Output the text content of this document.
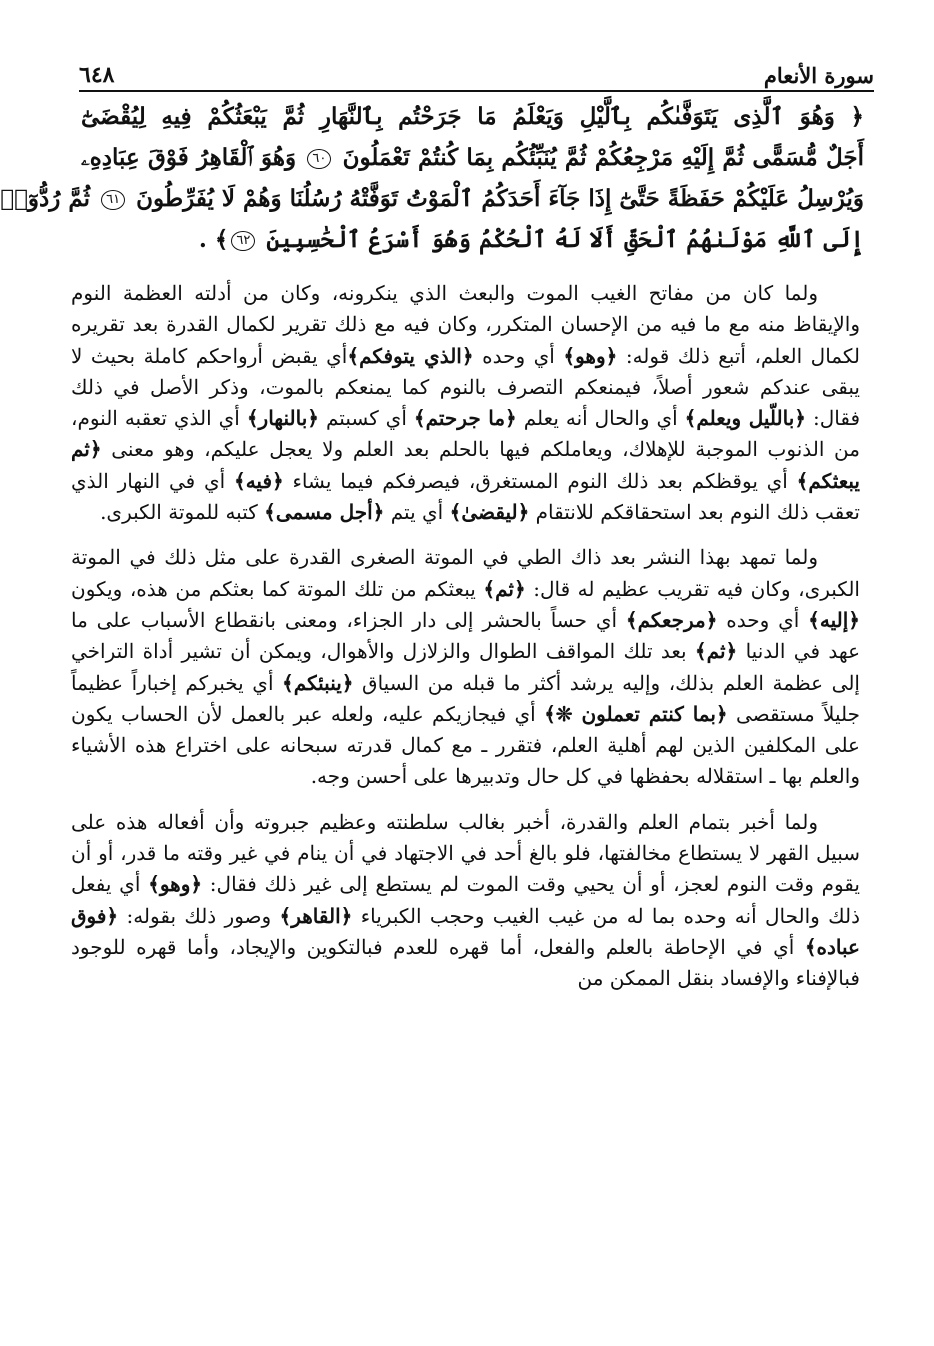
سورة الأنعام
٦٤٨
﴿ وَهُوَ ٱلَّذِى يَتَوَفَّىٰكُم بِٱلَّيْلِ وَيَعْلَمُ مَا جَرَحْتُم بِٱلنَّهَارِ ثُمَّ يَبْعَثُكُمْ فِيهِ لِيُقْضَىٰٓ
أَجَلٌ مُّسَمًّى ثُمَّ إِلَيْهِ مَرْجِعُكُمْ ثُمَّ يُنَبِّئُكُم بِمَا كُنتُمْ تَعْمَلُونَ ٦٠ وَهُوَ ٱلْقَاهِرُ فَوْقَ عِبَادِهِۦ
وَيُرْسِلُ عَلَيْكُمْ حَفَظَةً حَتَّىٰٓ إِذَا جَآءَ أَحَدَكُمُ ٱلْمَوْتُ تَوَفَّتْهُ رُسُلُنَا وَهُمْ لَا يُفَرِّطُونَ ٦١ ثُمَّ رُدُّوٓا۟
إِلَى ٱللَّهِ مَوْلَىٰهُمُ ٱلْحَقِّ أَلَا لَهُ ٱلْحُكْمُ وَهُوَ أَسْرَعُ ٱلْحَٰسِبِينَ ٦٢﴾ .

ولما كان من مفاتح الغيب الموت والبعث الذي ينكرونه، وكان من أدلته العظمة النوم والإيقاظ منه مع ما فيه من الإحسان المتكرر، وكان فيه مع ذلك تقرير لكمال القدرة بعد تقريره لكمال العلم، أتبع ذلك قوله: ﴿وهو﴾ أي وحده ﴿الذي يتوفكم﴾أي يقبض أرواحكم كاملة بحيث لا يبقى عندكم شعور أصلاً، فيمنعكم التصرف بالنوم كما يمنعكم بالموت، وذكر الأصل في ذلك فقال: ﴿باللّيل ويعلم﴾ أي والحال أنه يعلم ﴿ما جرحتم﴾ أي كسبتم ﴿بالنهار﴾ أي الذي تعقبه النوم، من الذنوب الموجبة للإهلاك، ويعاملكم فيها بالحلم بعد العلم ولا يعجل عليكم، وهو معنى ﴿ثم يبعثكم﴾ أي يوقظكم بعد ذلك النوم المستغرق، فيصرفكم فيما يشاء ﴿فيه﴾ أي في النهار الذي تعقب ذلك النوم بعد استحقاقكم للانتقام ﴿ليقضىٰ﴾ أي يتم ﴿أجل مسمى﴾ كتبه للموتة الكبرى.

ولما تمهد بهذا النشر بعد ذاك الطي في الموتة الصغرى القدرة على مثل ذلك في الموتة الكبرى، وكان فيه تقريب عظيم له قال: ﴿ثم﴾ يبعثكم من تلك الموتة كما بعثكم من هذه، ويكون ﴿إليه﴾ أي وحده ﴿مرجعكم﴾ أي حساً بالحشر إلى دار الجزاء، ومعنى بانقطاع الأسباب على ما عهد في الدنيا ﴿ثم﴾ بعد تلك المواقف الطوال والزلازل والأهوال، ويمكن أن تشير أداة التراخي إلى عظمة العلم بذلك، وإليه يرشد أكثر ما قبله من السياق ﴿ينبئكم﴾ أي يخبركم إخباراً عظيماً جليلاً مستقصى ﴿بما كنتم تعملون ❊﴾ أي فيجازيكم عليه، ولعله عبر بالعمل لأن الحساب يكون على المكلفين الذين لهم أهلية العلم، فتقرر ـ مع كمال قدرته سبحانه على اختراع هذه الأشياء والعلم بها ـ استقلاله بحفظها في كل حال وتدبيرها على أحسن وجه.

ولما أخبر بتمام العلم والقدرة، أخبر بغالب سلطنته وعظيم جبروته وأن أفعاله هذه على سبيل القهر لا يستطاع مخالفتها، فلو بالغ أحد في الاجتهاد في أن ينام في غير وقته ما قدر، أو أن يقوم وقت النوم لعجز، أو أن يحيي وقت الموت لم يستطع إلى غير ذلك فقال: ﴿وهو﴾ أي يفعل ذلك والحال أنه وحده بما له من غيب الغيب وحجب الكبرياء ﴿القاهر﴾ وصور ذلك بقوله: ﴿فوق عباده﴾ أي في الإحاطة بالعلم والفعل، أما قهره للعدم فبالتكوين والإيجاد، وأما قهره للوجود فبالإفناء والإفساد بنقل الممكن من
